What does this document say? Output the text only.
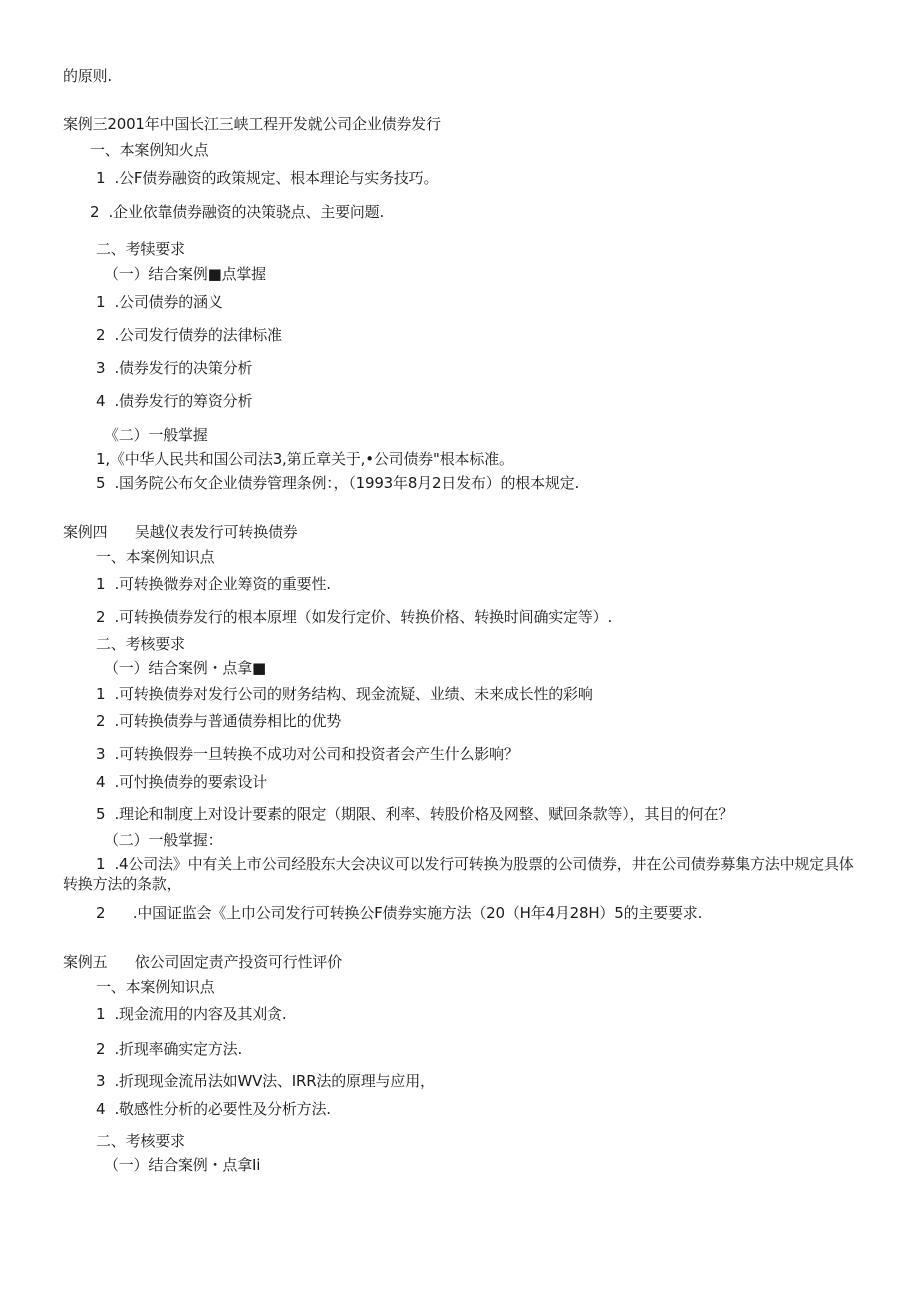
的原则.
案例三2001年中国长江三峡工程开发就公司企业债券发行
一、本案例知火点
1  .公F债券融资的政策规定、根本理论与实务技巧。
2  .企业依靠债券融资的决策骁点、主要问题.
二、考犊要求
（一）结合案例■点掌握
1  .公司债券的涵义
2  .公司发行债券的法律标准
3  .债券发行的决策分析
4  .债券发行的筹资分析
《二）一般掌握
1,《中华人民共和国公司法3,第丘章关于,•公司债券"根本标准。
5  .国务院公布攵企业债券管理条例：，（1993年8月2日发布）的根本规定.
案例四      吴越仪表发行可转换债券
一、本案例知识点
1  .可转换微券对企业筹资的重要性.
2  .可转换债券发行的根本原埋（如发行定价、转换价格、转换时间确实定等）.
二、考核要求
（一）结合案例・点拿■
1  .可转换债券对发行公司的财务结构、现金流疑、业绩、未来成长性的彩响
2  .可转换债券与普通债券相比的优势
3  .可转换假券一旦转换不成功对公司和投资者会产生什么影响？
4  .可忖换债券的要索设计
5  .理论和制度上对设计要素的限定（期限、利率、转股价格及网整、赋回条款等），其目的何在？
（二）一般掌握：
1  .4公司法》中有关上市公司经股东大会决议可以发行可转换为股票的公司债券，井在公司债券募集方法中规定具体转换方法的条款，
2      .中国证监会《上巾公司发行可转换公F债券实施方法（20（H年4月28H）5的主要要求.
案例五      依公司固定责产投资可行性评价
一、本案例知识点
1  .现金流用的内容及其刈贪.
2  .折现率确实定方法.
3  .折现现金流吊法如WV法、IRR法的原理与应用，
4  .敬感性分析的必要性及分析方法.
二、考核要求
（一）结合案例・点拿Ii
